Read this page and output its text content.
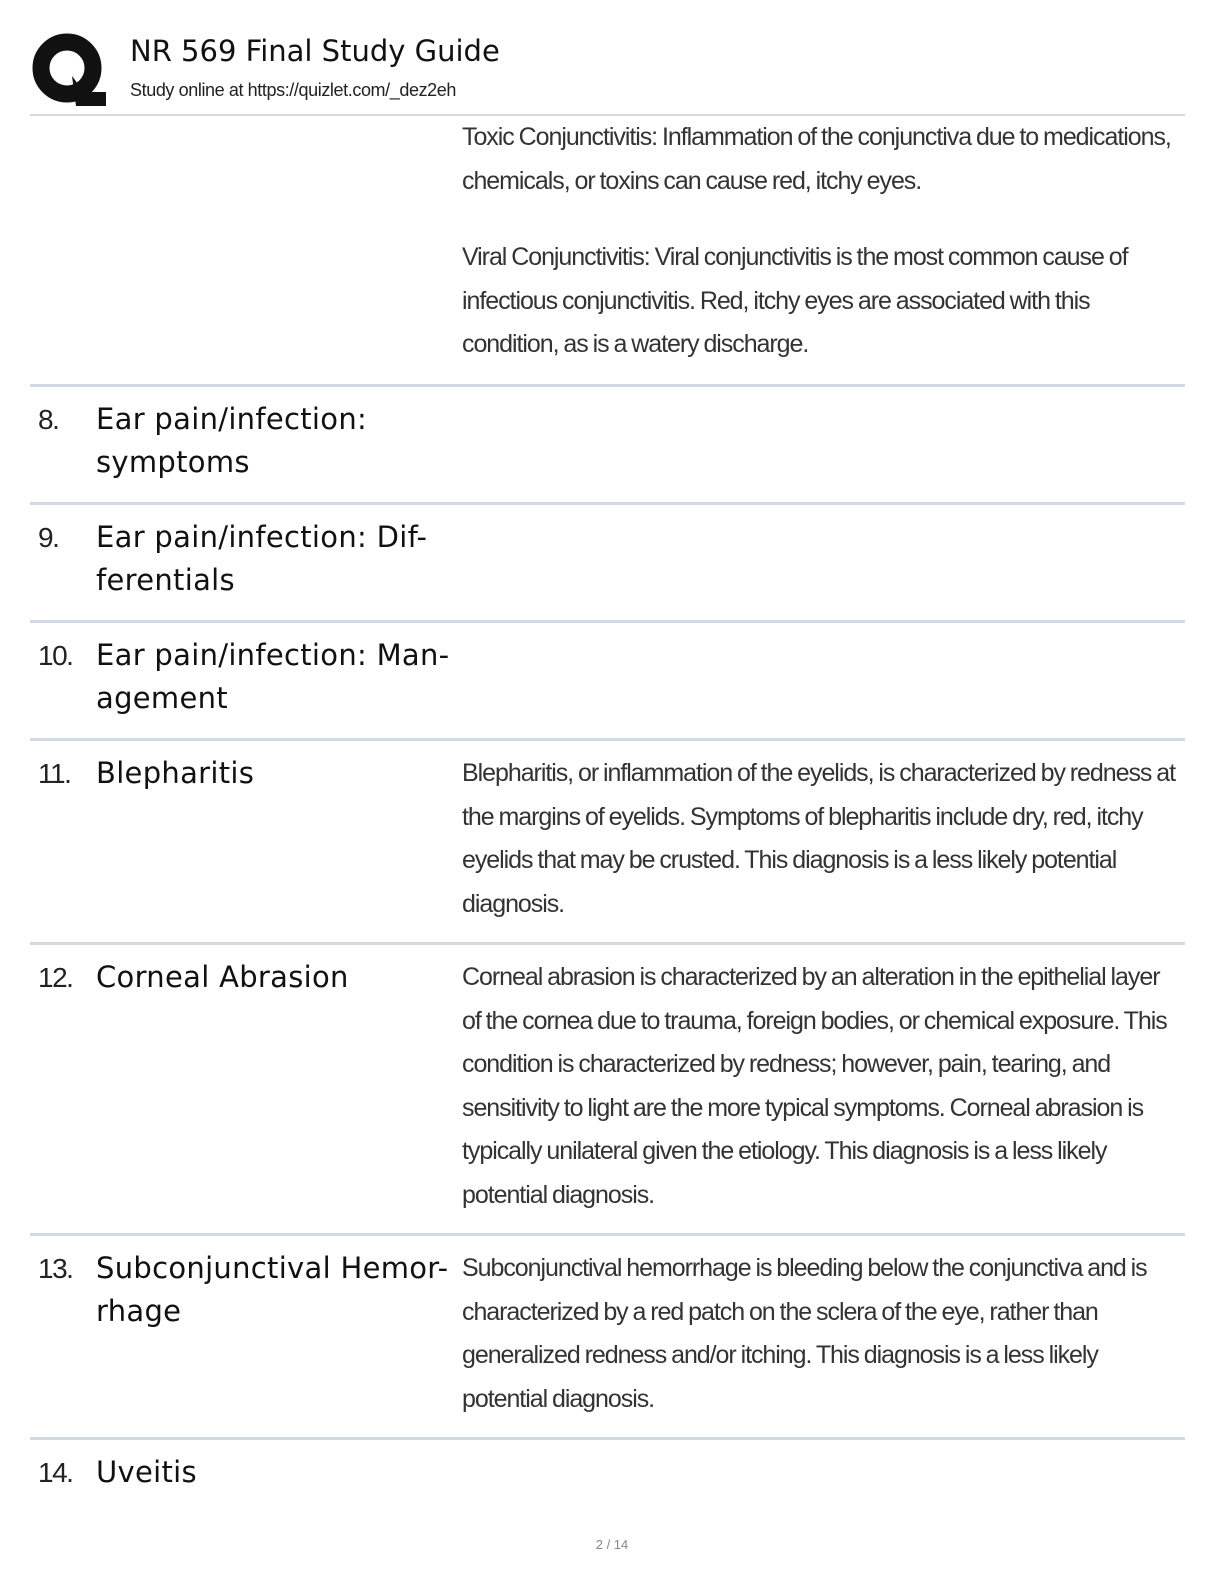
NR 569 Final Study Guide
Study online at https://quizlet.com/_dez2eh

Toxic Conjunctivitis: Inflammation of the conjunctiva due to medications, chemicals, or toxins can cause red, itchy eyes.

Viral Conjunctivitis: Viral conjunctivitis is the most common cause of infectious conjunctivitis. Red, itchy eyes are associated with this condition, as is a watery discharge.

8. Ear pain/infection: symptoms
9. Ear pain/infection: Dif-
ferentials
10. Ear pain/infection: Man-
agement
11. Blepharitis	Blepharitis, or inflammation of the eyelids, is characterized by redness at the margins of eyelids. Symptoms of blepharitis include dry, red, itchy eyelids that may be crusted. This diagnosis is a less likely potential diagnosis.
12. Corneal Abrasion	Corneal abrasion is characterized by an alteration in the epithelial layer of the cornea due to trauma, foreign bodies, or chemical exposure. This condition is characterized by redness; however, pain, tearing, and sensitivity to light are the more typical symptoms. Corneal abrasion is typically unilateral given the etiology. This diagnosis is a less likely potential diagnosis.
13. Subconjunctival Hemor-
rhage
Subconjunctival hemorrhage is bleeding below the conjunctiva and is characterized by a red patch on the sclera of the eye, rather than generalized redness and/or itching. This diagnosis is a less likely potential diagnosis.
14. Uveitis
2 / 14
